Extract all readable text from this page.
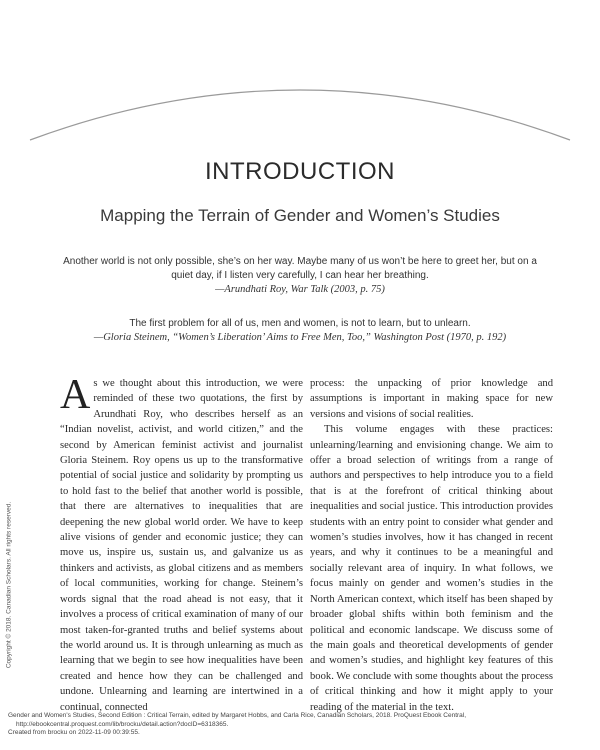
INTRODUCTION
Mapping the Terrain of Gender and Women’s Studies
Another world is not only possible, she’s on her way. Maybe many of us won’t be here to greet her, but on a quiet day, if I listen very carefully, I can hear her breathing.
—Arundhati Roy, War Talk (2003, p. 75)
The first problem for all of us, men and women, is not to learn, but to unlearn.
—Gloria Steinem, “Women’s Liberation’ Aims to Free Men, Too,” Washington Post (1970, p. 192)

As we thought about this introduction, we were reminded of these two quotations, the first by Arundhati Roy, who describes herself as an “Indian novelist, activist, and world citizen,” and the second by American feminist activist and journalist Gloria Steinem. Roy opens us up to the transformative potential of social justice and solidarity by prompting us to hold fast to the belief that another world is possible, that there are alternatives to inequalities that are deepening the new global world order. We have to keep alive visions of gender and economic justice; they can move us, inspire us, sustain us, and galvanize us as thinkers and activists, as global citizens and as members of local communities, working for change. Steinem’s words signal that the road ahead is not easy, that it involves a process of critical examination of many of our most taken-for-granted truths and belief systems about the world around us. It is through unlearning as much as learning that we begin to see how inequalities have been created and hence how they can be challenged and undone. Unlearning and learning are intertwined in a continual, connected

process: the unpacking of prior knowledge and assumptions is important in making space for new versions and visions of social realities.

This volume engages with these practices: unlearning/learning and envisioning change. We aim to offer a broad selection of writings from a range of authors and perspectives to help introduce you to a field that is at the forefront of critical thinking about inequalities and social justice. This introduction provides students with an entry point to consider what gender and women’s studies involves, how it has changed in recent years, and why it continues to be a meaningful and socially relevant area of inquiry. In what follows, we focus mainly on gender and women’s studies in the North American context, which itself has been shaped by broader global shifts within both feminism and the political and economic landscape. We discuss some of the main goals and theoretical developments of gender and women’s studies, and highlight key features of this book. We conclude with some thoughts about the process of critical thinking and how it might apply to your reading of the material in the text.

Copyright © 2018. Canadian Scholars. All rights reserved.
Gender and Women's Studies, Second Edition : Critical Terrain, edited by Margaret Hobbs, and Carla Rice, Canadian Scholars, 2018. ProQuest Ebook Central,
http://ebookcentral.proquest.com/lib/brocku/detail.action?docID=6318365.
Created from brocku on 2022-11-09 00:39:55.
